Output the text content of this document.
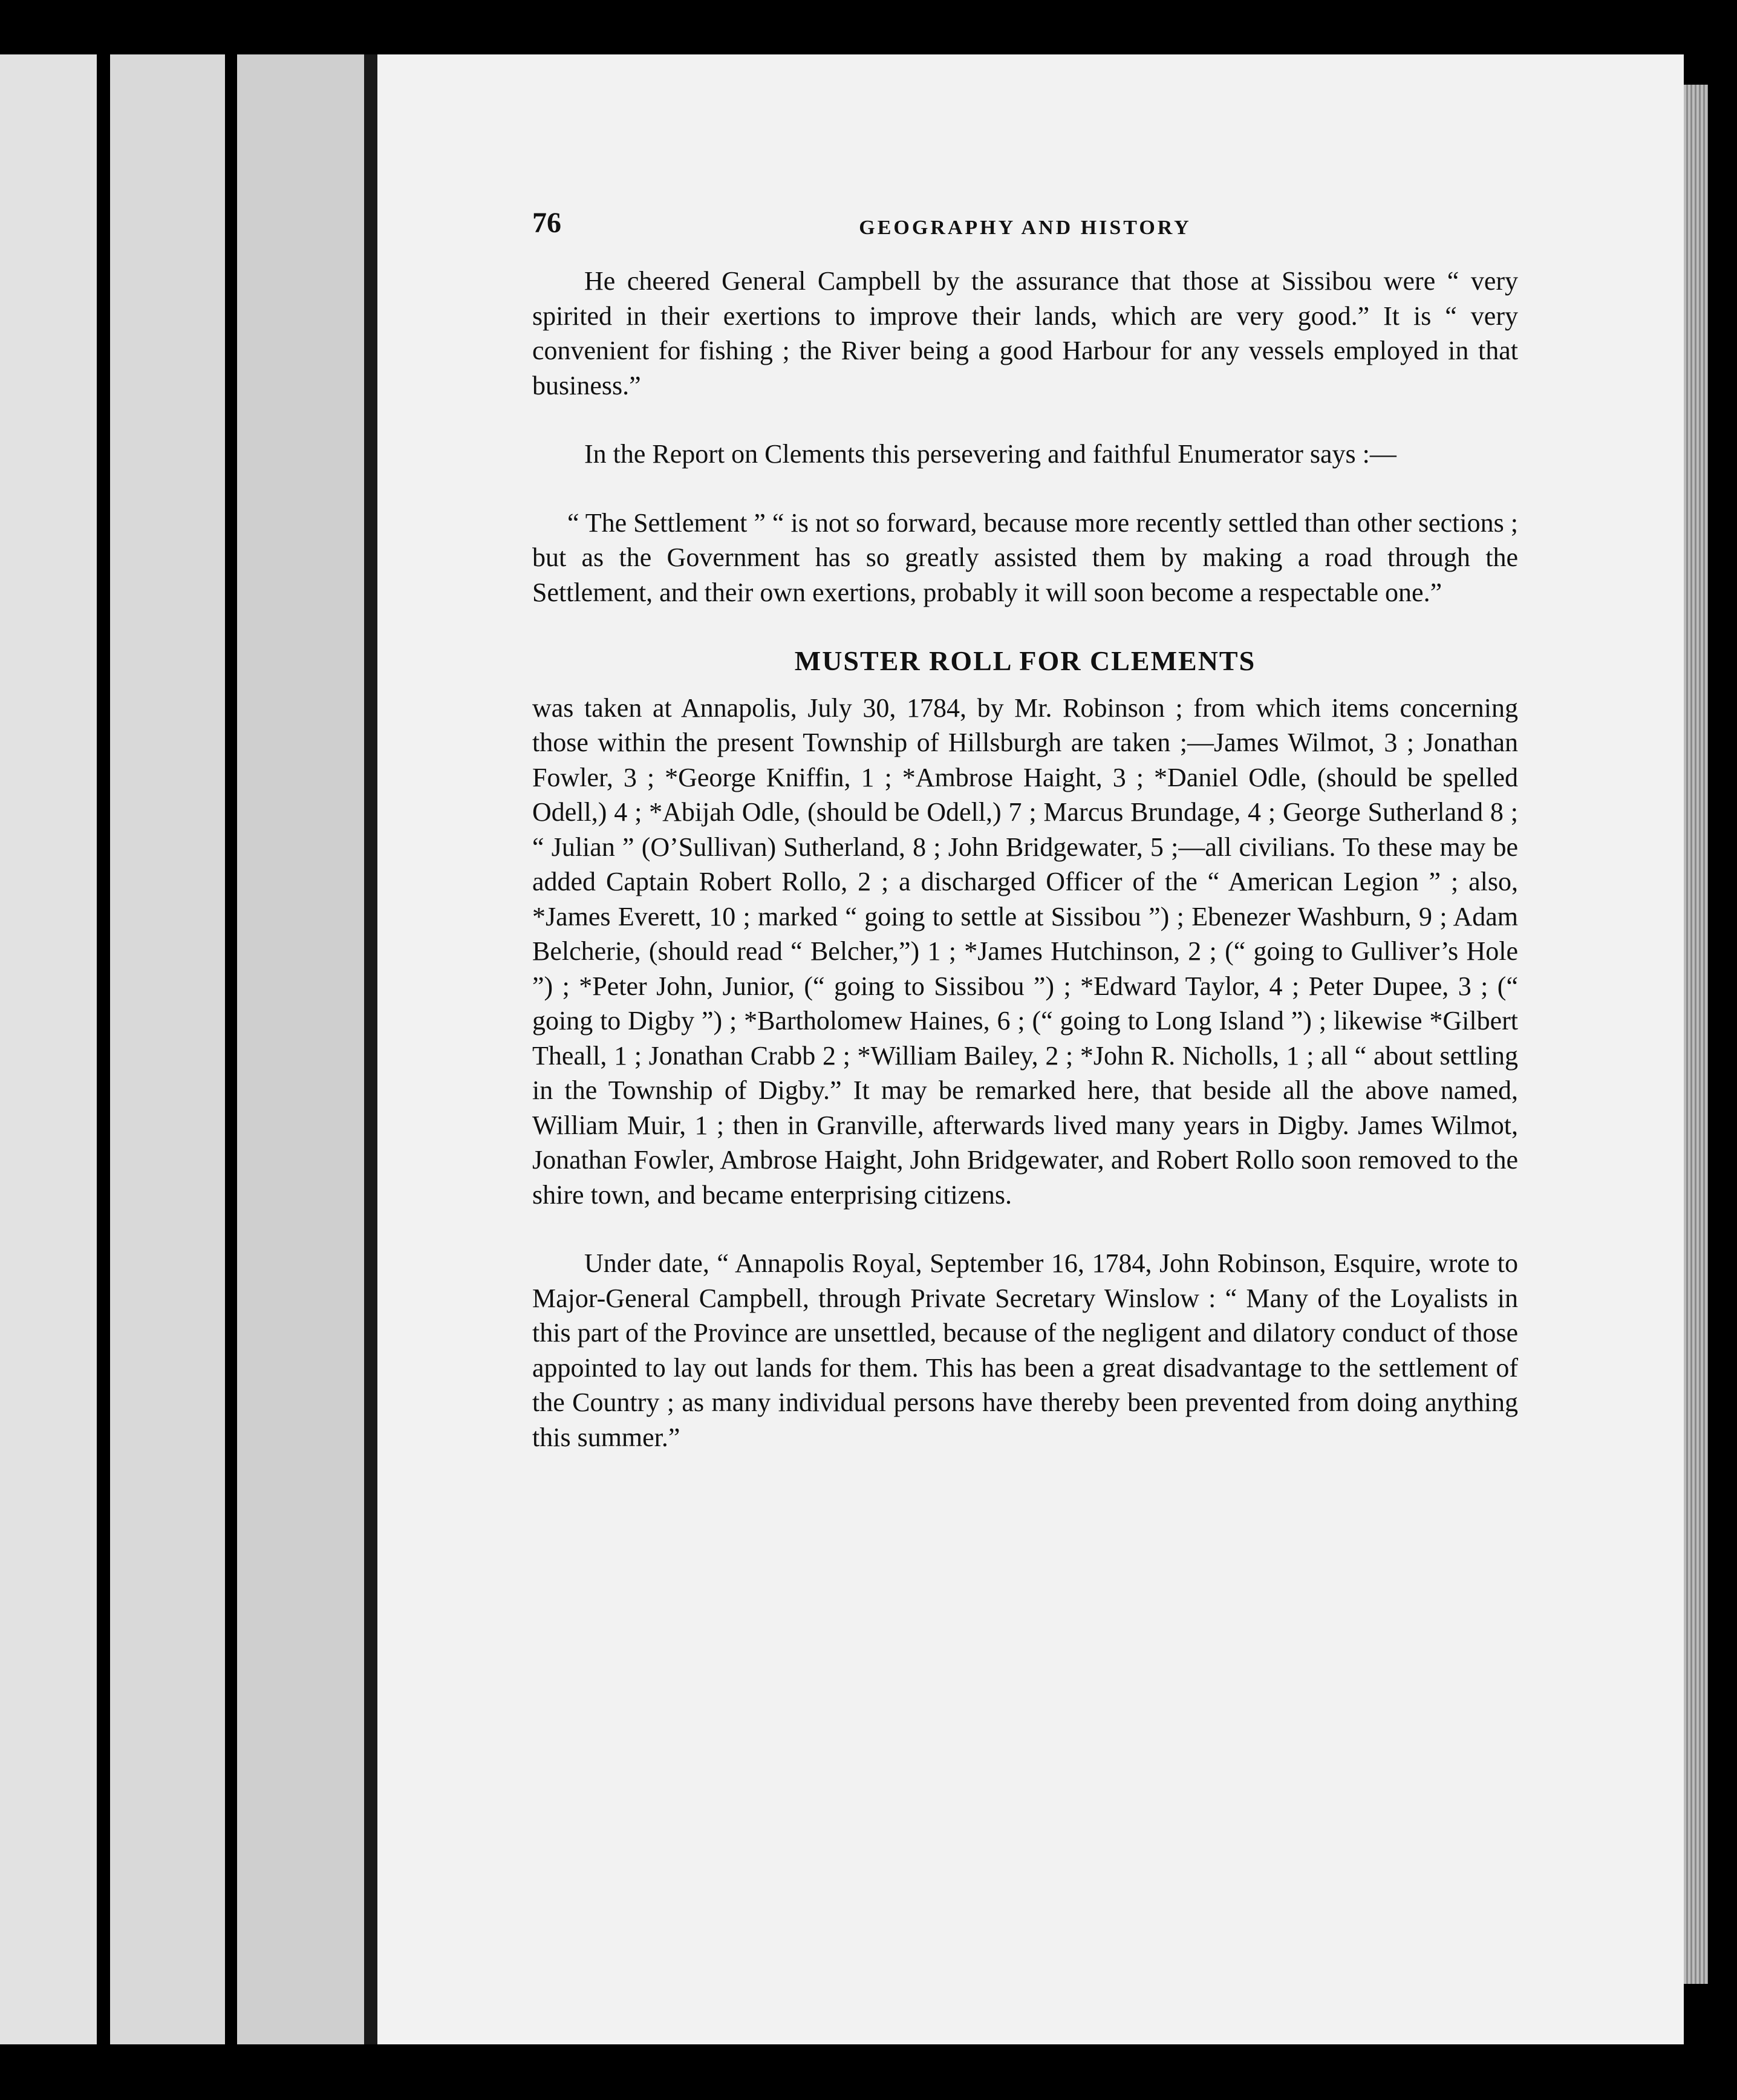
76	GEOGRAPHY AND HISTORY

He cheered General Campbell by the assurance that those at Sissibou were “ very spirited in their exertions to improve their lands, which are very good.” It is “ very convenient for fishing ; the River being a good Harbour for any vessels employed in that business.”

In the Report on Clements this persevering and faithful Enumerator says :—

“ The Settlement ” “ is not so forward, because more recently settled than other sections ; but as the Government has so greatly assisted them by making a road through the Settlement, and their own exertions, probably it will soon become a respectable one.”

MUSTER ROLL FOR CLEMENTS

was taken at Annapolis, July 30, 1784, by Mr. Robinson ; from which items concerning those within the present Township of Hillsburgh are taken ;—James Wilmot, 3 ; Jonathan Fowler, 3 ; *George Kniffin, 1 ; *Ambrose Haight, 3 ; *Daniel Odle, (should be spelled Odell,) 4 ; *Abijah Odle, (should be Odell,) 7 ; Marcus Brundage, 4 ; George Sutherland 8 ; “ Julian ” (O’Sullivan) Sutherland, 8 ; John Bridgewater, 5 ;—all civilians. To these may be added Captain Robert Rollo, 2 ; a discharged Officer of the “ American Legion ” ; also, *James Everett, 10 ; marked “ going to settle at Sissibou ”) ; Ebenezer Washburn, 9 ; Adam Belcherie, (should read “ Belcher,”) 1 ; *James Hutchinson, 2 ; (“ going to Gulliver’s Hole ”) ; *Peter John, Junior, (“ going to Sissibou ”) ; *Edward Taylor, 4 ; Peter Dupee, 3 ; (“ going to Digby ”) ; *Bartholomew Haines, 6 ; (“ going to Long Island ”) ; likewise *Gilbert Theall, 1 ; Jonathan Crabb 2 ; *William Bailey, 2 ; *John R. Nicholls, 1 ; all “ about settling in the Township of Digby.” It may be remarked here, that beside all the above named, William Muir, 1 ; then in Granville, afterwards lived many years in Digby. James Wilmot, Jonathan Fowler, Ambrose Haight, John Bridgewater, and Robert Rollo soon removed to the shire town, and became enterprising citizens.

Under date, “ Annapolis Royal, September 16, 1784, John Robinson, Esquire, wrote to Major-General Campbell, through Private Secretary Winslow : “ Many of the Loyalists in this part of the Province are unsettled, because of the negligent and dilatory conduct of those appointed to lay out lands for them. This has been a great disadvantage to the settlement of the Country ; as many individual persons have thereby been prevented from doing anything this summer.”
